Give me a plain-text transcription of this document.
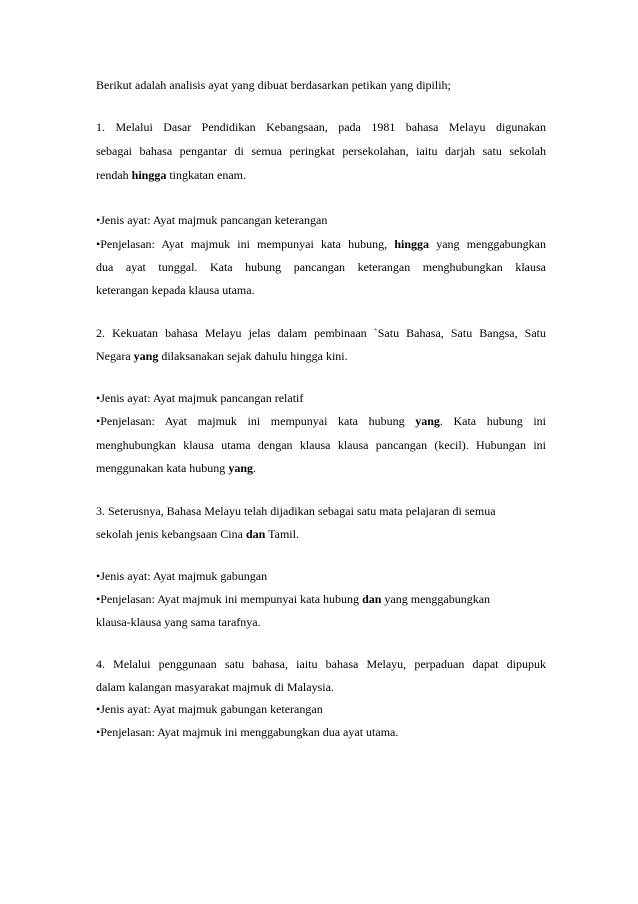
Berikut adalah analisis ayat yang dibuat berdasarkan petikan yang dipilih;
1. Melalui Dasar Pendidikan Kebangsaan, pada 1981 bahasa Melayu digunakan
sebagai bahasa pengantar di semua peringkat persekolahan, iaitu darjah satu sekolah
rendah hingga tingkatan enam.
•Jenis ayat: Ayat majmuk pancangan keterangan
•Penjelasan: Ayat majmuk ini mempunyai kata hubung, hingga yang menggabungkan
dua ayat tunggal. Kata hubung pancangan keterangan menghubungkan klausa
keterangan kepada klausa utama.
2. Kekuatan bahasa Melayu jelas dalam pembinaan `Satu Bahasa, Satu Bangsa, Satu
Negara yang dilaksanakan sejak dahulu hingga kini.
•Jenis ayat: Ayat majmuk pancangan relatif
•Penjelasan: Ayat majmuk ini mempunyai kata hubung yang. Kata hubung ini
menghubungkan klausa utama dengan klausa klausa pancangan (kecil). Hubungan ini
menggunakan kata hubung yang.
3. Seterusnya, Bahasa Melayu telah dijadikan sebagai satu mata pelajaran di semua
sekolah jenis kebangsaan Cina dan Tamil.
•Jenis ayat: Ayat majmuk gabungan
•Penjelasan: Ayat majmuk ini mempunyai kata hubung dan yang menggabungkan
klausa-klausa yang sama tarafnya.
4. Melalui penggunaan satu bahasa, iaitu bahasa Melayu, perpaduan dapat dipupuk
dalam kalangan masyarakat majmuk di Malaysia.
•Jenis ayat: Ayat majmuk gabungan keterangan
•Penjelasan: Ayat majmuk ini menggabungkan dua ayat utama.
